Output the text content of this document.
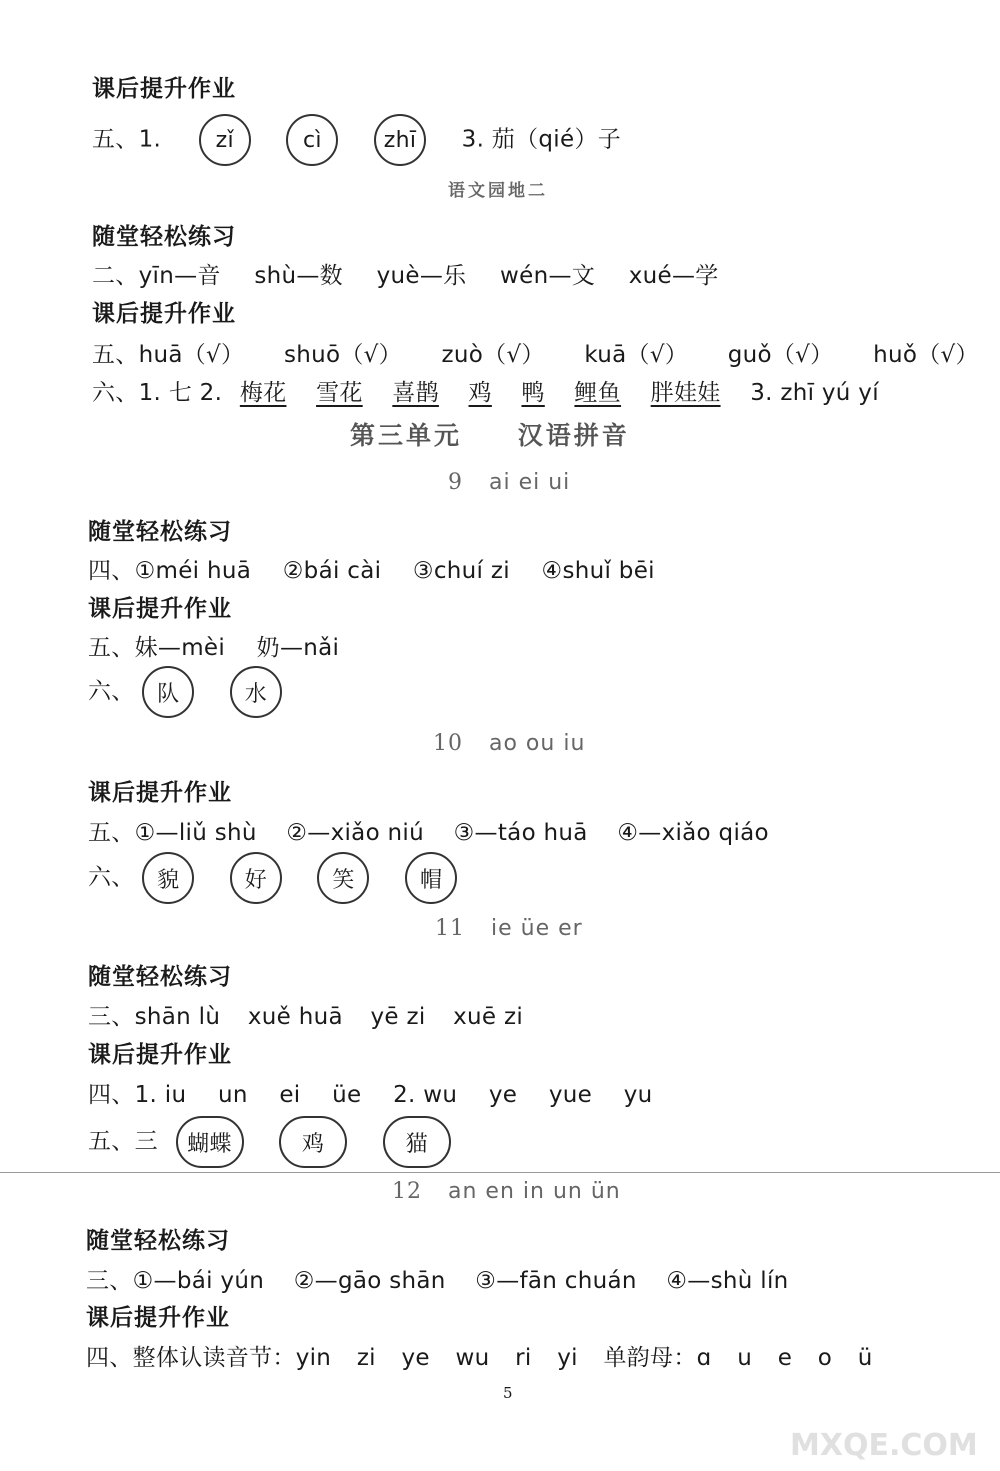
课后提升作业
五、1. zǐ	cì	zhī 3. 茄（qié）子
语文园地二
随堂轻松练习
二、yīn—音 shù—数 yuè—乐 wén—文 xué—学
课后提升作业
五、huā（√） shuō（√） zuò（√） kuā（√） guǒ（√） huǒ（√）
六、1. 七 2. 梅花 雪花 喜鹊 鸡 鸭 鲤鱼 胖娃娃 3. zhī yú yí
第三单元 汉语拼音
9 ai ei ui
随堂轻松练习
四、①méi huā ②bái cài ③chuí zi ④shuǐ bēi
课后提升作业
五、妹—mèi 奶—nǎi
六、 队	水
10 ao ou iu
课后提升作业
五、①—liǔ shù ②—xiǎo niú ③—táo huā ④—xiǎo qiáo
六、 貌	好	笑	帽
11 ie üe er
随堂轻松练习
三、shān lù xuě huā yē zi xuē zi
课后提升作业
四、1. iu un ei üe 2. wu ye yue yu
五、三 蝴蝶	鸡	猫
12 an en in un ün
随堂轻松练习
三、①—bái yún ②—gāo shān ③—fān chuán ④—shù lín
课后提升作业
四、整体认读音节：yin zi ye wu ri yi 单韵母：ɑ u e o ü
5
MXQE.COM
